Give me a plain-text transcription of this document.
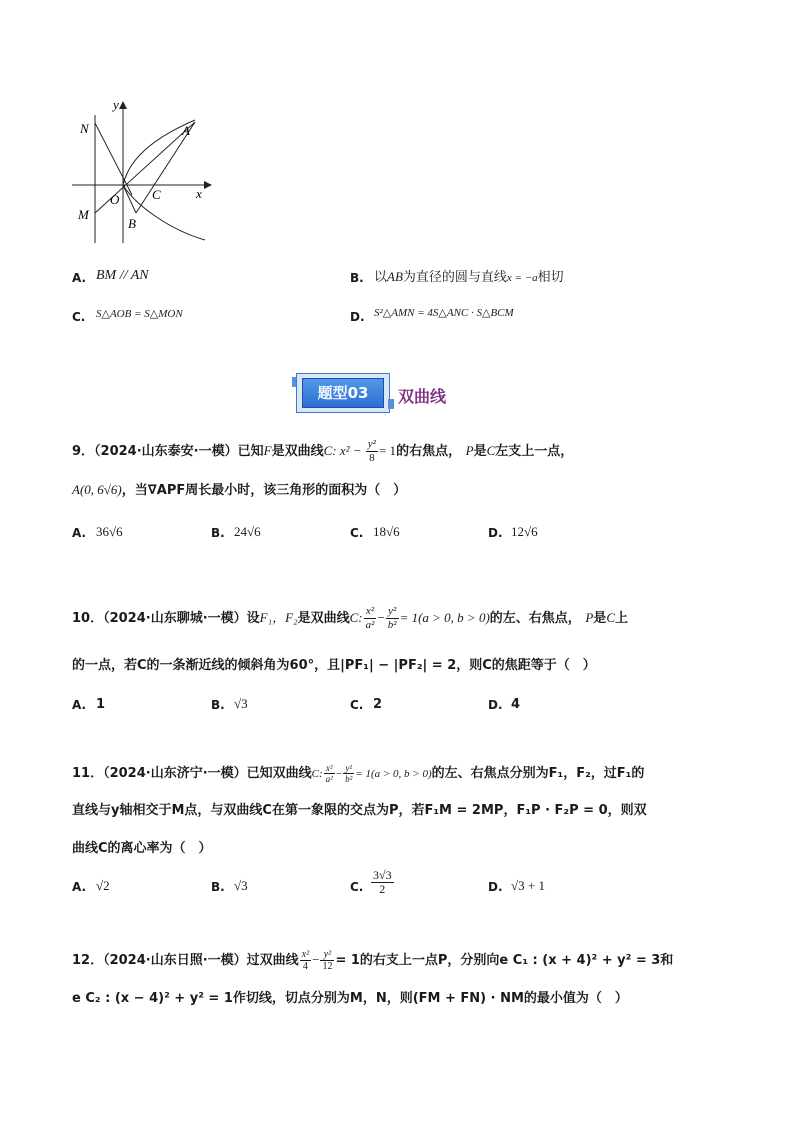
y
x
N	A
O	C
M
B
A. BM // AN	B. 以AB为直径的圆与直线x = −a相切
C. S△AOB = S△MON	D. S²△AMN = 4S△ANC · S△BCM
题型03	双曲线
9．（2024·山东泰安·一模）已知F是双曲线C: $x^2 - \frac{\text{y²}}{8} = 1$的右焦点， P是C左支上一点，
A(0, 6√6)，当∇APF周长最小时，该三角形的面积为（　）
A. 36√6	B. 24√6	C. 18√6	D. 12√6
10．（2024·山东聊城·一模）设F₁，F₂是双曲线C: $\frac{\text{x²}}{\text{a²}} - \frac{\text{y²}}{\text{b²}} = 1(a > 0$, b > 0)的左、右焦点， P是C上
的一点，若C的一条渐近线的倾斜角为60°，且|PF₁| − |PF₂| = 2，则C的焦距等于（　）
A. 1	B. √3	C. 2	D. 4
11．（2024·山东济宁·一模）已知双曲线C: $\frac{\text{x²}}{\text{a²}} - \frac{\text{y²}}{\text{b²}} = 1(a > 0$, b > 0)的左、右焦点分别为F₁，F₂，过F₁的
直线与y轴相交于M点，与双曲线C在第一象限的交点为P，若F₁M = 2MP，F₁P · F₂P = 0，则双
曲线C的离心率为（　）
A. √2	B. √3	C. $\frac{3√3}{2}$	D. √3 + 1
12．（2024·山东日照·一模）过双曲线 $\frac{\text{x²}}{4} - \frac{\text{y²}}{12} = 1$的右支上一点P，分别向e C₁ : (x + 4)² + y² = 3和
e C₂ : (x − 4)² + y² = 1作切线，切点分别为M，N，则(FM + FN) · NM的最小值为（　）
